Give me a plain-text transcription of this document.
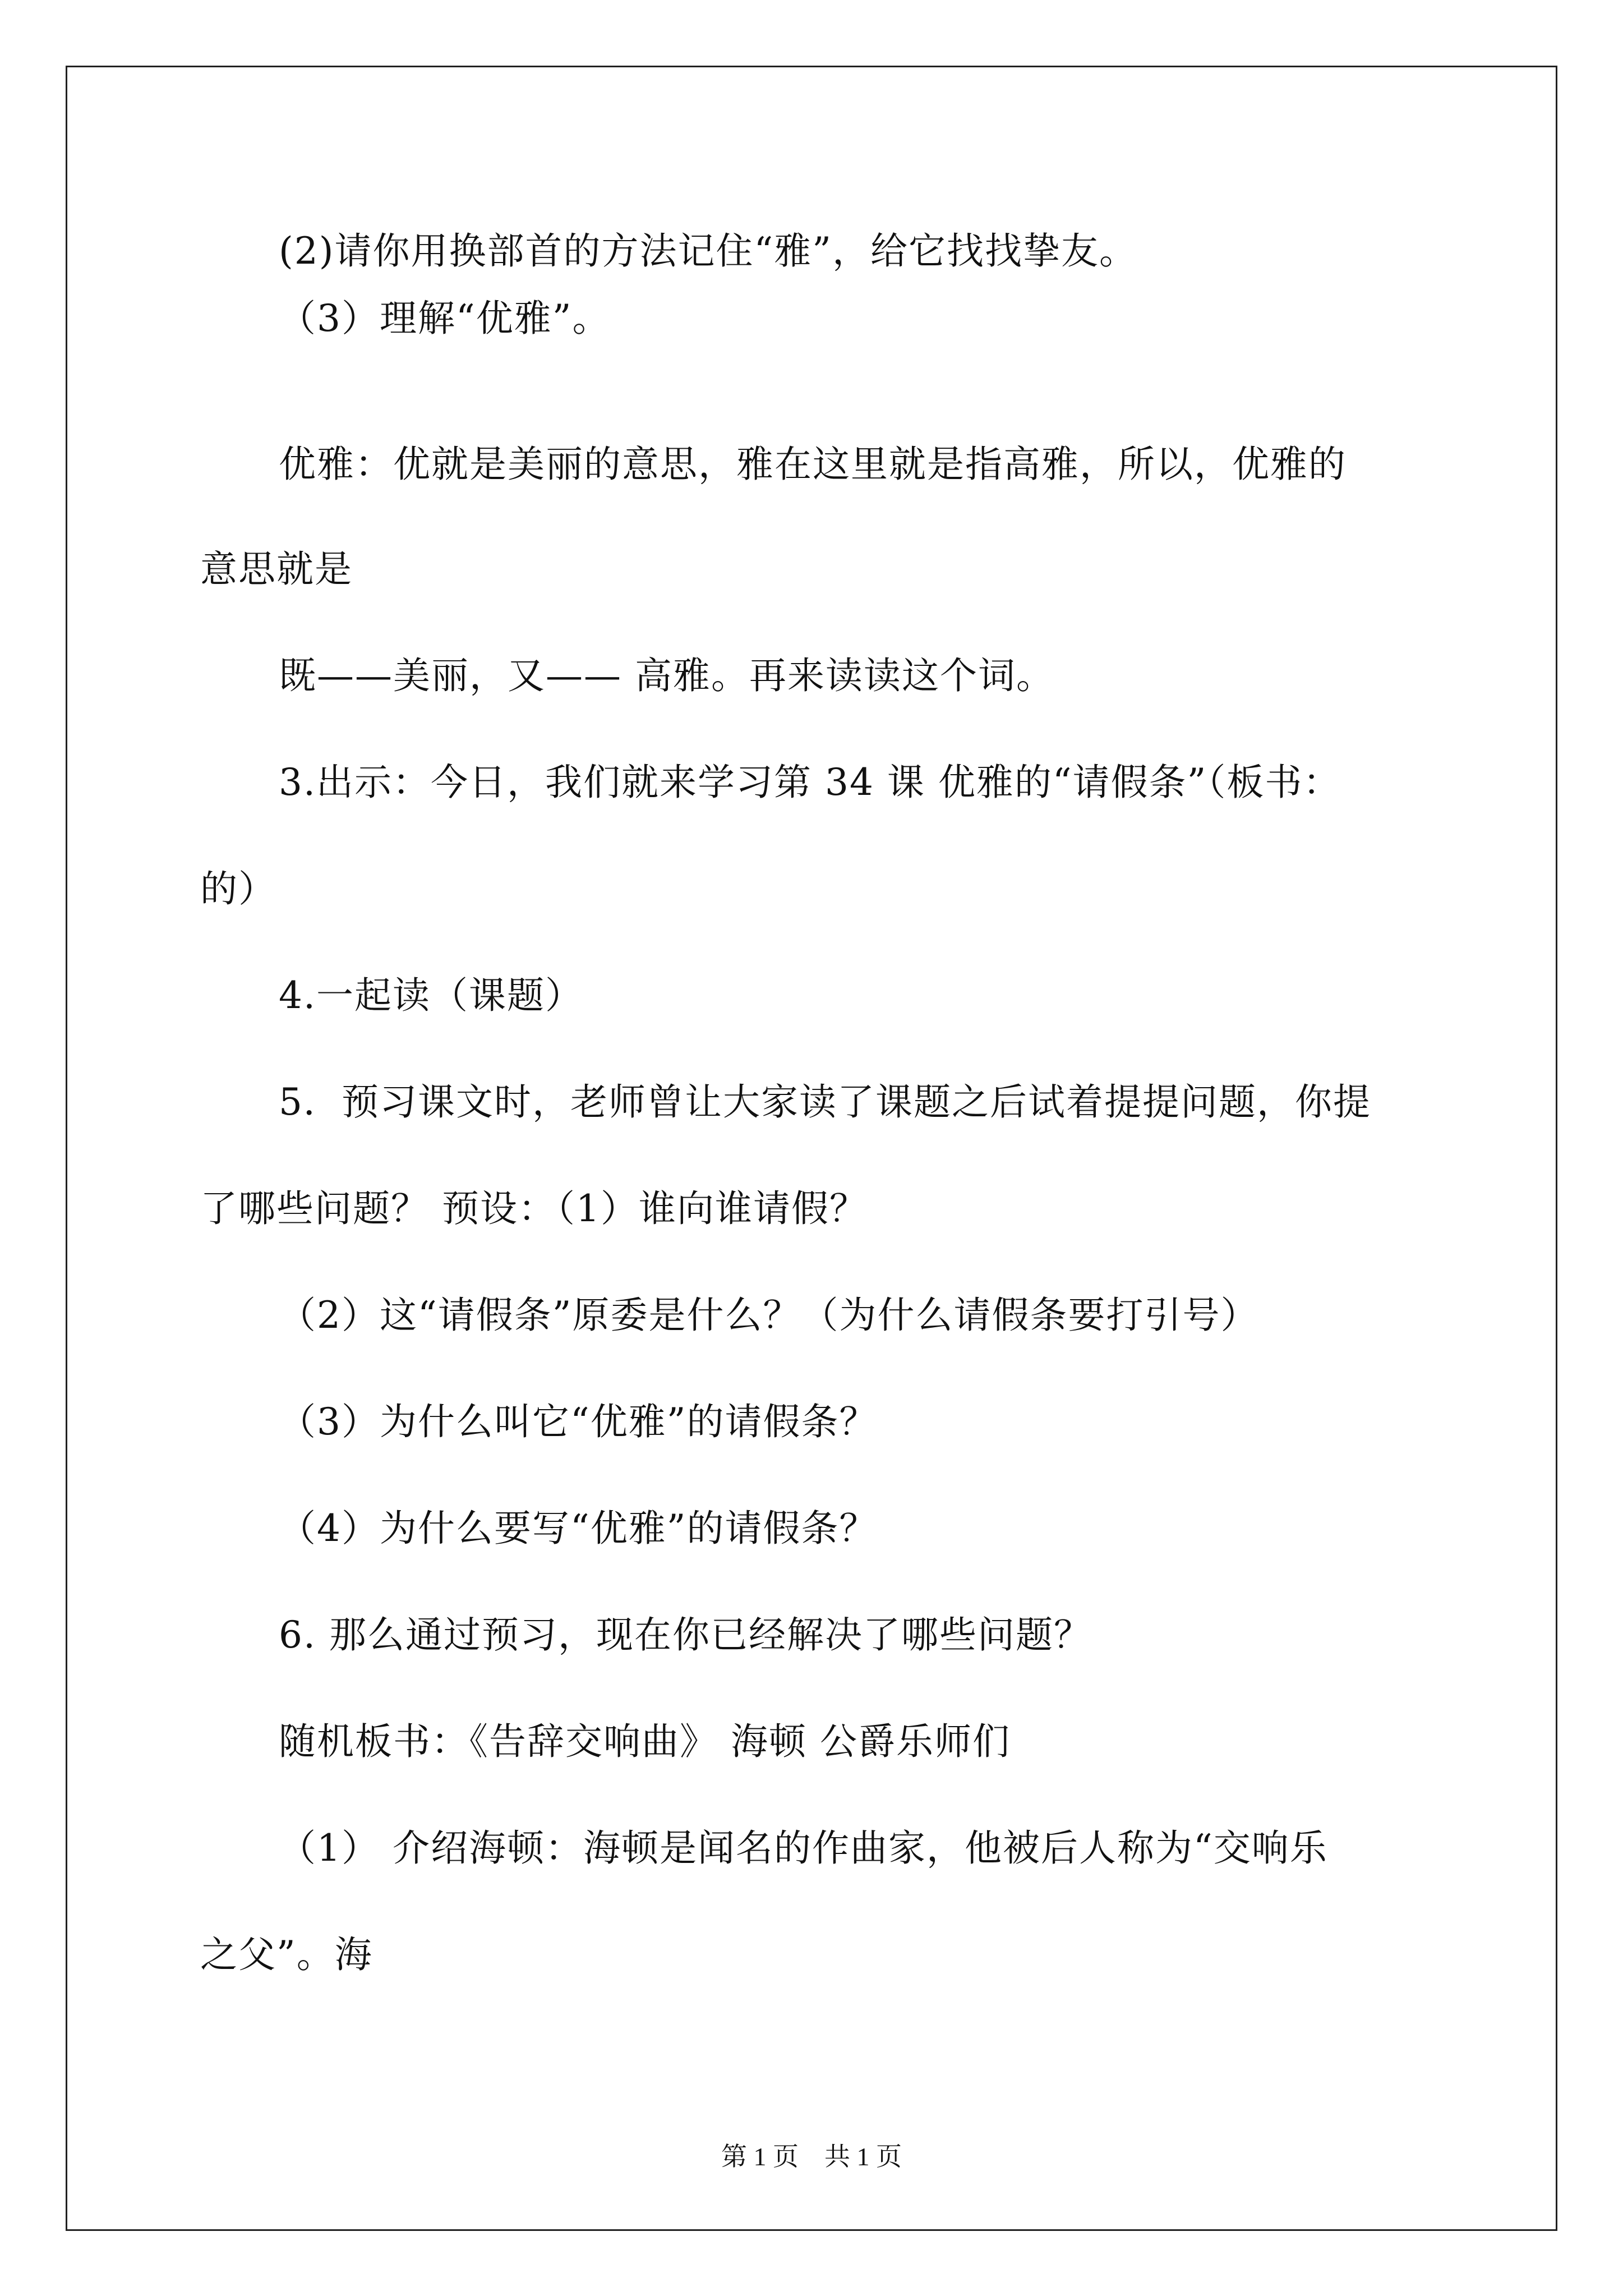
(2)请你用换部首的方法记住“雅”，给它找找挚友。
（3）理解“优雅”。
优雅：优就是美丽的意思，雅在这里就是指高雅，所以，优雅的
意思就是
既——美丽，又—— 高雅。再来读读这个词。
3.出示：今日，我们就来学习第 34 课 优雅的“请假条”（板书：
的）
4.一起读（课题）
5．预习课文时，老师曾让大家读了课题之后试着提提问题，你提
了哪些问题？ 预设：（1）谁向谁请假？
（2）这“请假条”原委是什么？（为什么请假条要打引号）
（3）为什么叫它“优雅”的请假条？
（4）为什么要写“优雅”的请假条？
6. 那么通过预习，现在你已经解决了哪些问题？
随机板书：《告辞交响曲》 海顿 公爵乐师们
（1） 介绍海顿：海顿是闻名的作曲家，他被后人称为“交响乐
之父”。海
第 1 页　共 1 页
